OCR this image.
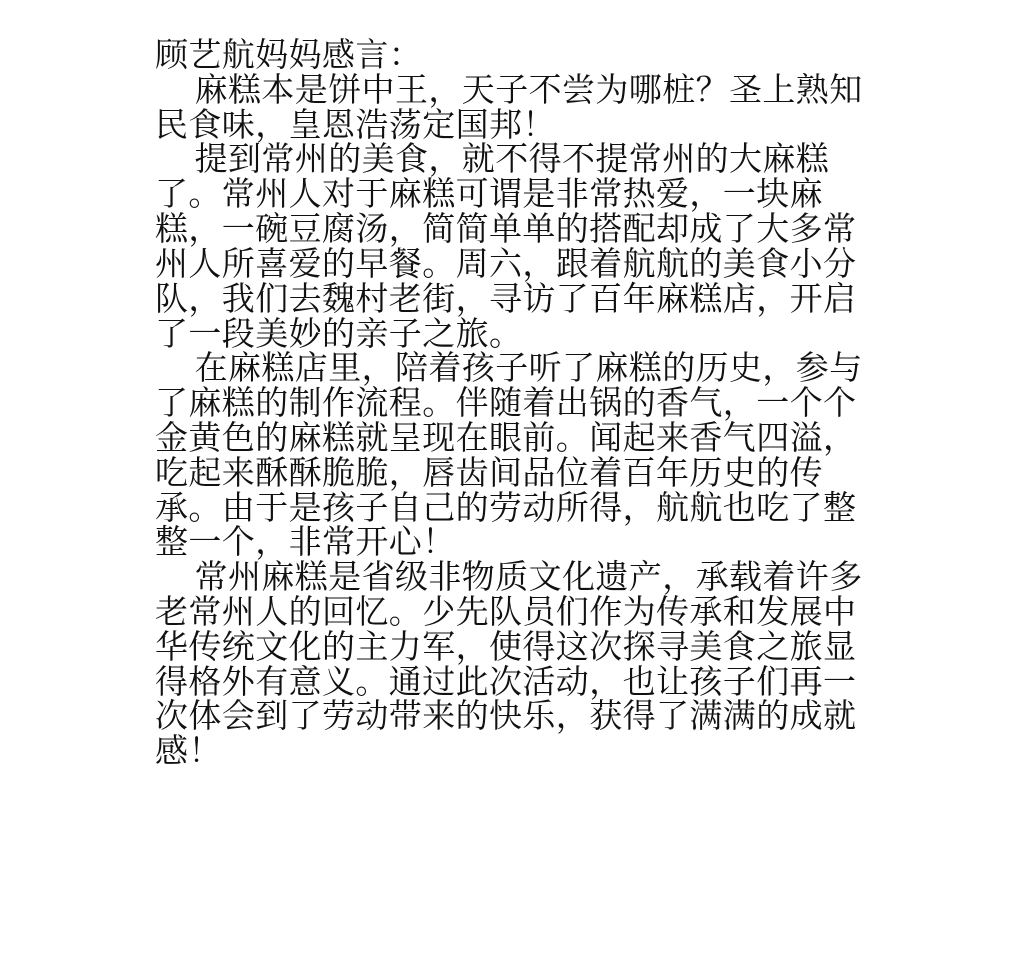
顾艺航妈妈感言：

麻糕本是饼中王，天子不尝为哪桩？圣上熟知民食味，皇恩浩荡定国邦！

提到常州的美食，就不得不提常州的大麻糕了。常州人对于麻糕可谓是非常热爱，一块麻糕，一碗豆腐汤，简简单单的搭配却成了大多常州人所喜爱的早餐。周六，跟着航航的美食小分队，我们去魏村老街，寻访了百年麻糕店，开启了一段美妙的亲子之旅。

在麻糕店里，陪着孩子听了麻糕的历史，参与了麻糕的制作流程。伴随着出锅的香气，一个个金黄色的麻糕就呈现在眼前。闻起来香气四溢，吃起来酥酥脆脆，唇齿间品位着百年历史的传承。由于是孩子自己的劳动所得，航航也吃了整整一个，非常开心！

常州麻糕是省级非物质文化遗产，承载着许多老常州人的回忆。少先队员们作为传承和发展中华传统文化的主力军，使得这次探寻美食之旅显得格外有意义。通过此次活动，也让孩子们再一次体会到了劳动带来的快乐，获得了满满的成就感！
